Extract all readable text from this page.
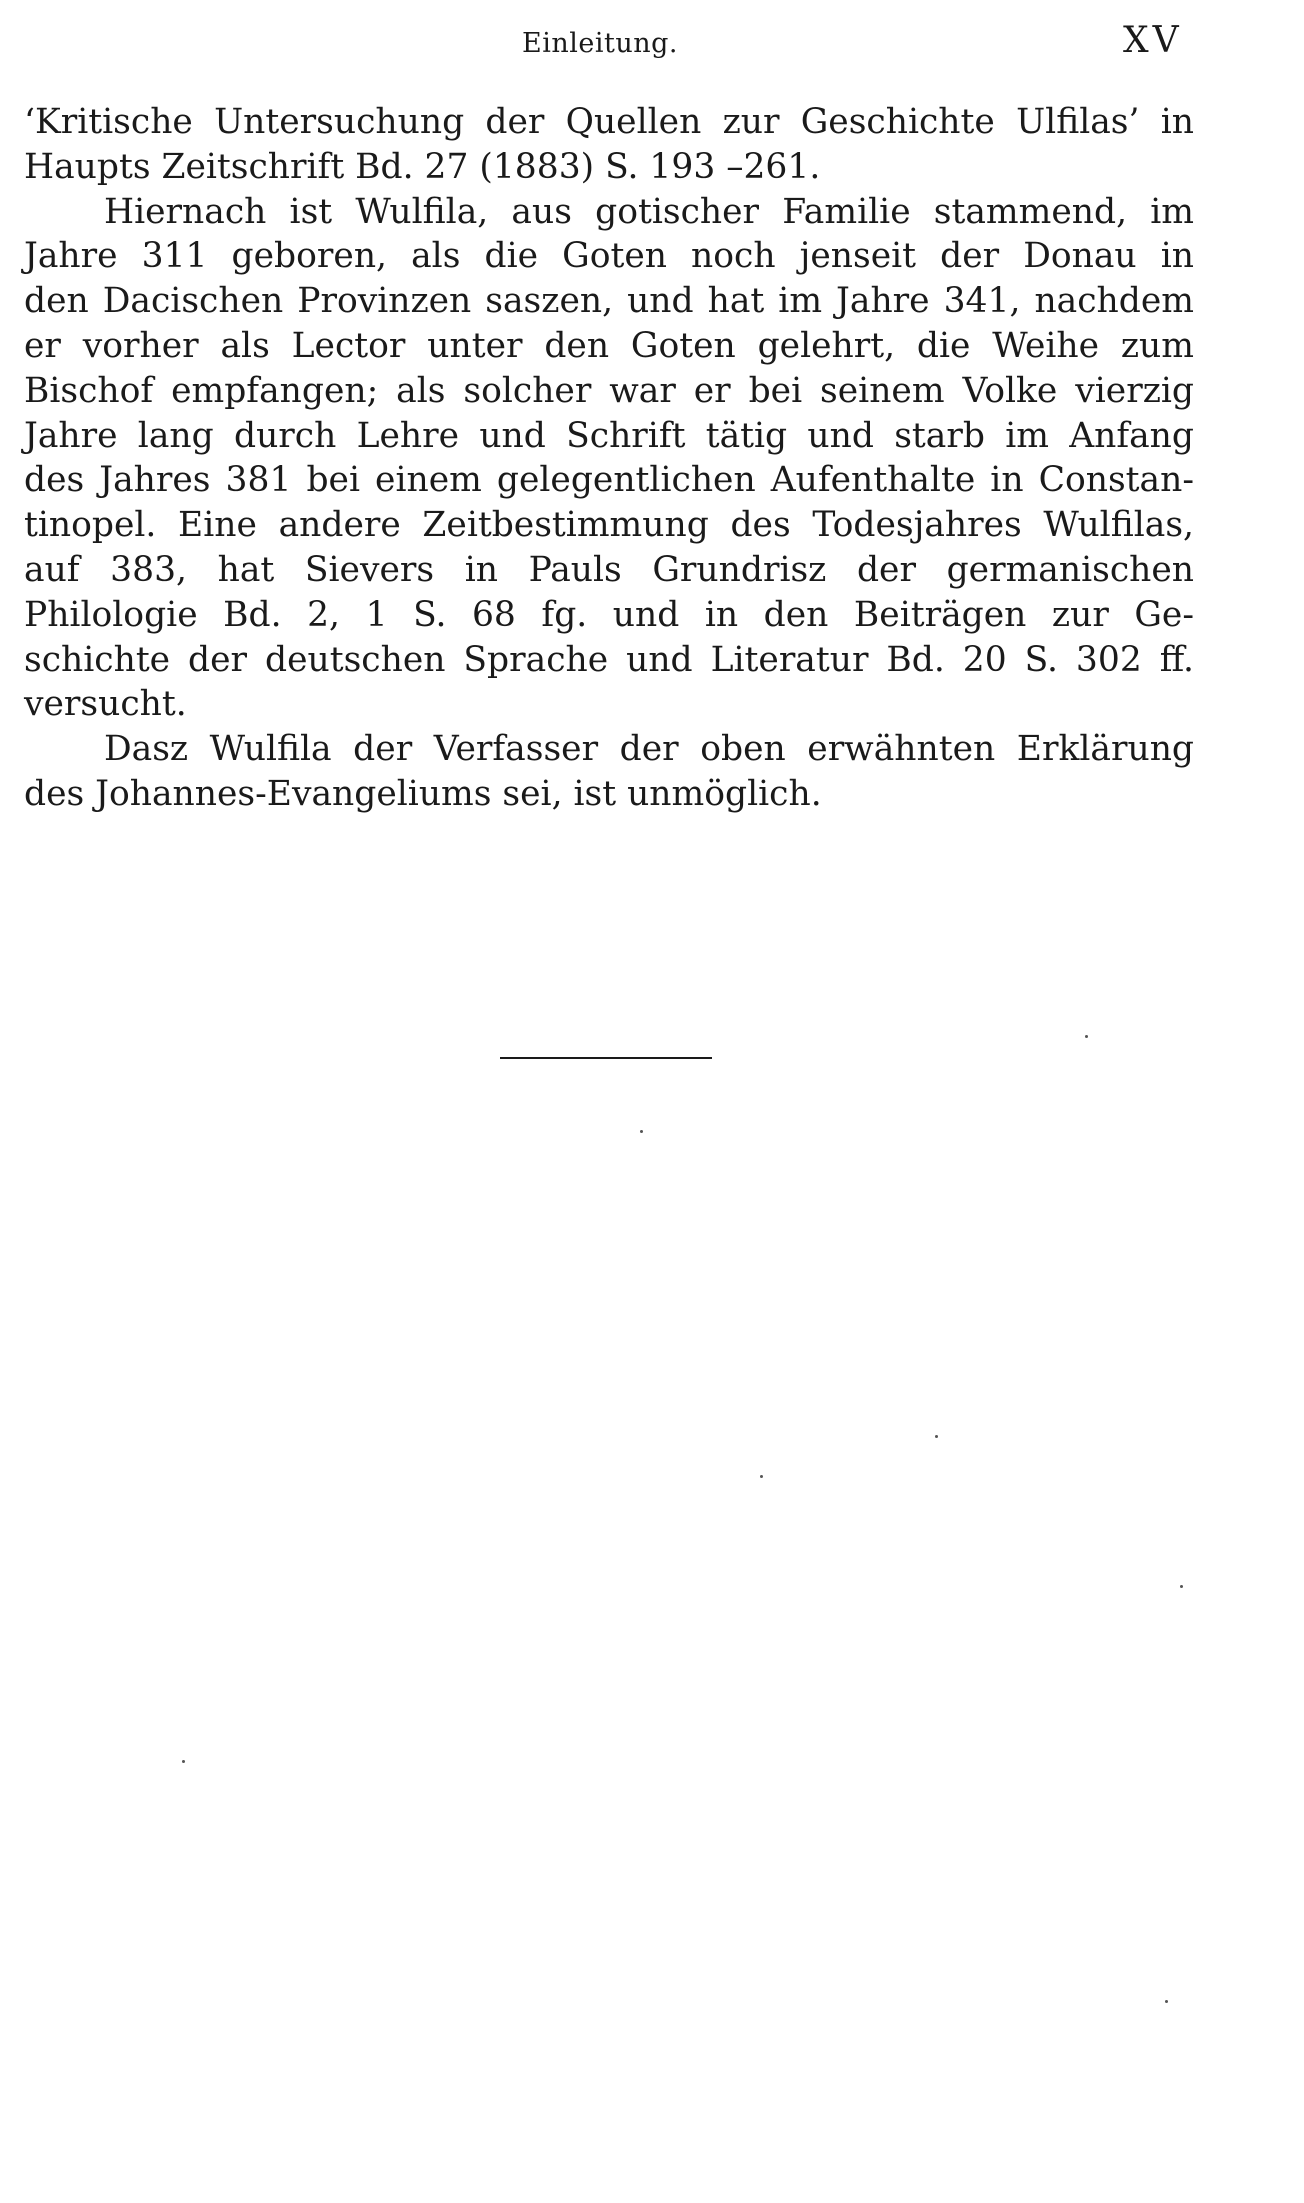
Einleitung.	XV
‘Kritische Untersuchung der Quellen zur Geschichte Ulfilas’ in
Haupts Zeitschrift Bd. 27 (1883) S. 193 –261.
Hiernach ist Wulfila, aus gotischer Familie stammend, im
Jahre 311 geboren, als die Goten noch jenseit der Donau in
den Dacischen Provinzen saszen, und hat im Jahre 341, nachdem
er vorher als Lector unter den Goten gelehrt, die Weihe zum
Bischof empfangen; als solcher war er bei seinem Volke vierzig
Jahre lang durch Lehre und Schrift tätig und starb im Anfang
des Jahres 381 bei einem gelegentlichen Aufenthalte in Constan-
tinopel. Eine andere Zeitbestimmung des Todesjahres Wulfilas,
auf 383, hat Sievers in Pauls Grundrisz der germanischen
Philologie Bd. 2, 1 S. 68 fg. und in den Beiträgen zur Ge-
schichte der deutschen Sprache und Literatur Bd. 20 S. 302 ff.
versucht.
Dasz Wulfila der Verfasser der oben erwähnten Erklärung
des Johannes-Evangeliums sei, ist unmöglich.
